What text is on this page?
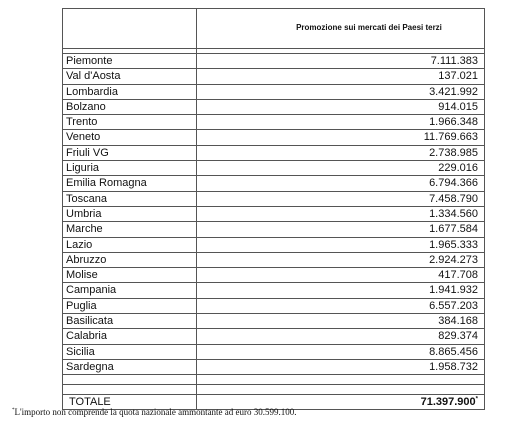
	Promozione sui mercati dei Paesi terzi

Piemonte	7.111.383
Val d'Aosta	137.021
Lombardia	3.421.992
Bolzano	914.015
Trento	1.966.348
Veneto	11.769.663
Friuli VG	2.738.985
Liguria	229.016
Emilia Romagna	6.794.366
Toscana	7.458.790
Umbria	1.334.560
Marche	1.677.584
Lazio	1.965.333
Abruzzo	2.924.273
Molise	417.708
Campania	1.941.932
Puglia	6.557.203
Basilicata	384.168
Calabria	829.374
Sicilia	8.865.456
Sardegna	1.958.732

TOTALE	71.397.900*
*L'importo non comprende la quota nazionale ammontante ad euro 30.599.100.
